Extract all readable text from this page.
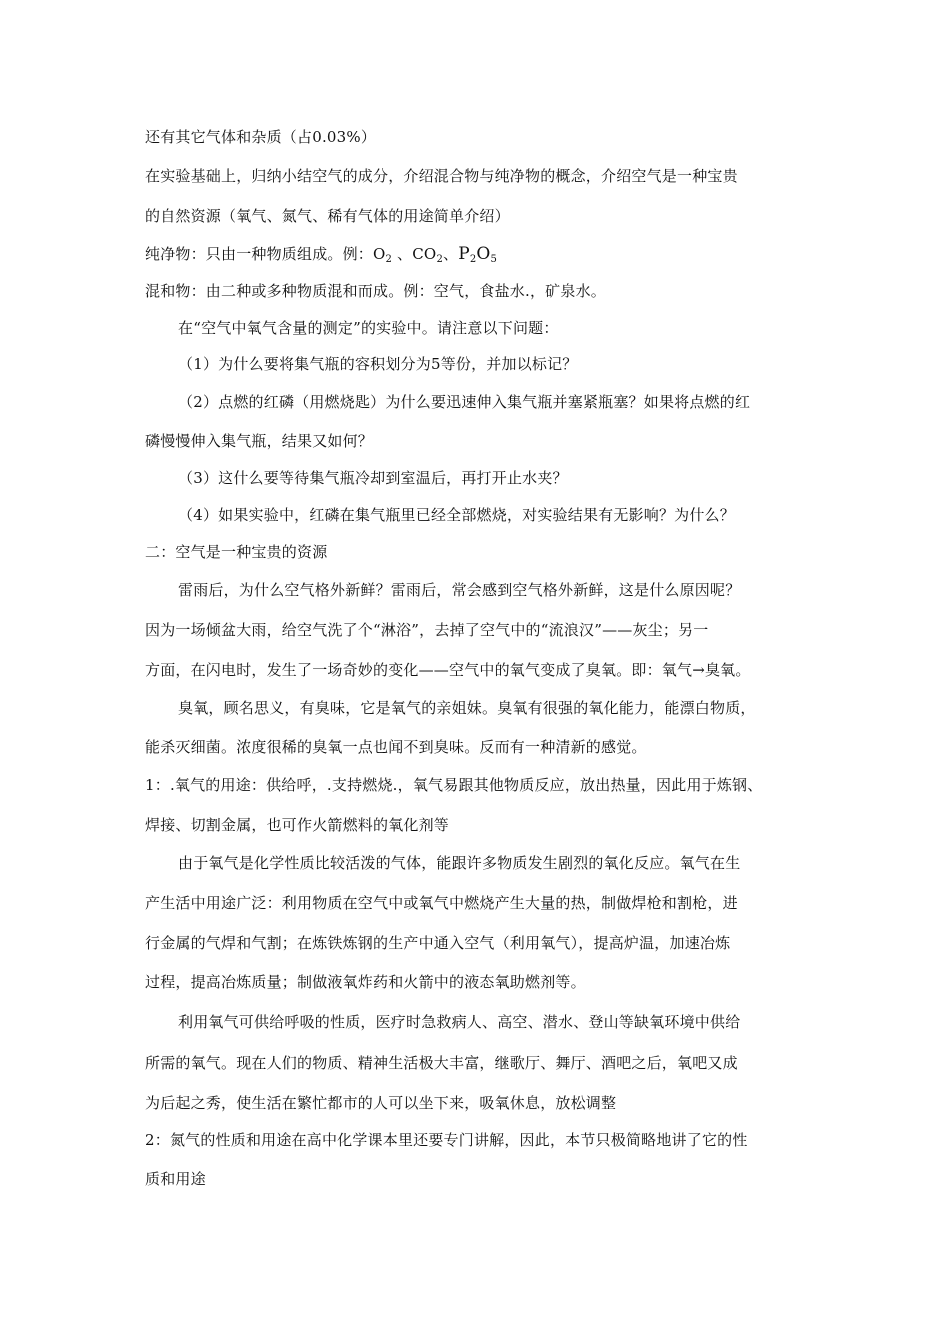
还有其它气体和杂质（占0.03%）
在实验基础上，归纳小结空气的成分，介绍混合物与纯净物的概念，介绍空气是一种宝贵
的自然资源（氧气、氮气、稀有气体的用途简单介绍）
纯净物：只由一种物质组成。例：$O_2$ 、$CO_2$、$P_2O_5$
混和物：由二种或多种物质混和而成。例：空气，食盐水.，矿泉水。
在“空气中氧气含量的测定”的实验中。请注意以下问题：
（1）为什么要将集气瓶的容积划分为5等份，并加以标记？
（2）点燃的红磷（用燃烧匙）为什么要迅速伸入集气瓶并塞紧瓶塞？如果将点燃的红
磷慢慢伸入集气瓶，结果又如何？
（3）这什么要等待集气瓶冷却到室温后，再打开止水夹？
（4）如果实验中，红磷在集气瓶里已经全部燃烧，对实验结果有无影响？为什么？
二：空气是一种宝贵的资源
雷雨后，为什么空气格外新鲜？雷雨后，常会感到空气格外新鲜，这是什么原因呢？
因为一场倾盆大雨，给空气洗了个“淋浴”，去掉了空气中的“流浪汉”——灰尘；另一
方面，在闪电时，发生了一场奇妙的变化——空气中的氧气变成了臭氧。即：氧气→臭氧。
臭氧，顾名思义，有臭味，它是氧气的亲姐妹。臭氧有很强的氧化能力，能漂白物质，
能杀灭细菌。浓度很稀的臭氧一点也闻不到臭味。反而有一种清新的感觉。
1：.氧气的用途：供给呼，.支持燃烧.，氧气易跟其他物质反应，放出热量，因此用于炼钢、
焊接、切割金属，也可作火箭燃料的氧化剂等
由于氧气是化学性质比较活泼的气体，能跟许多物质发生剧烈的氧化反应。氧气在生
产生活中用途广泛：利用物质在空气中或氧气中燃烧产生大量的热，制做焊枪和割枪，进
行金属的气焊和气割；在炼铁炼钢的生产中通入空气（利用氧气），提高炉温，加速冶炼
过程，提高冶炼质量；制做液氧炸药和火箭中的液态氧助燃剂等。
利用氧气可供给呼吸的性质，医疗时急救病人、高空、潜水、登山等缺氧环境中供给
所需的氧气。现在人们的物质、精神生活极大丰富，继歌厅、舞厅、酒吧之后，氧吧又成
为后起之秀，使生活在繁忙都市的人可以坐下来，吸氧休息，放松调整
2：氮气的性质和用途在高中化学课本里还要专门讲解，因此，本节只极简略地讲了它的性
质和用途
